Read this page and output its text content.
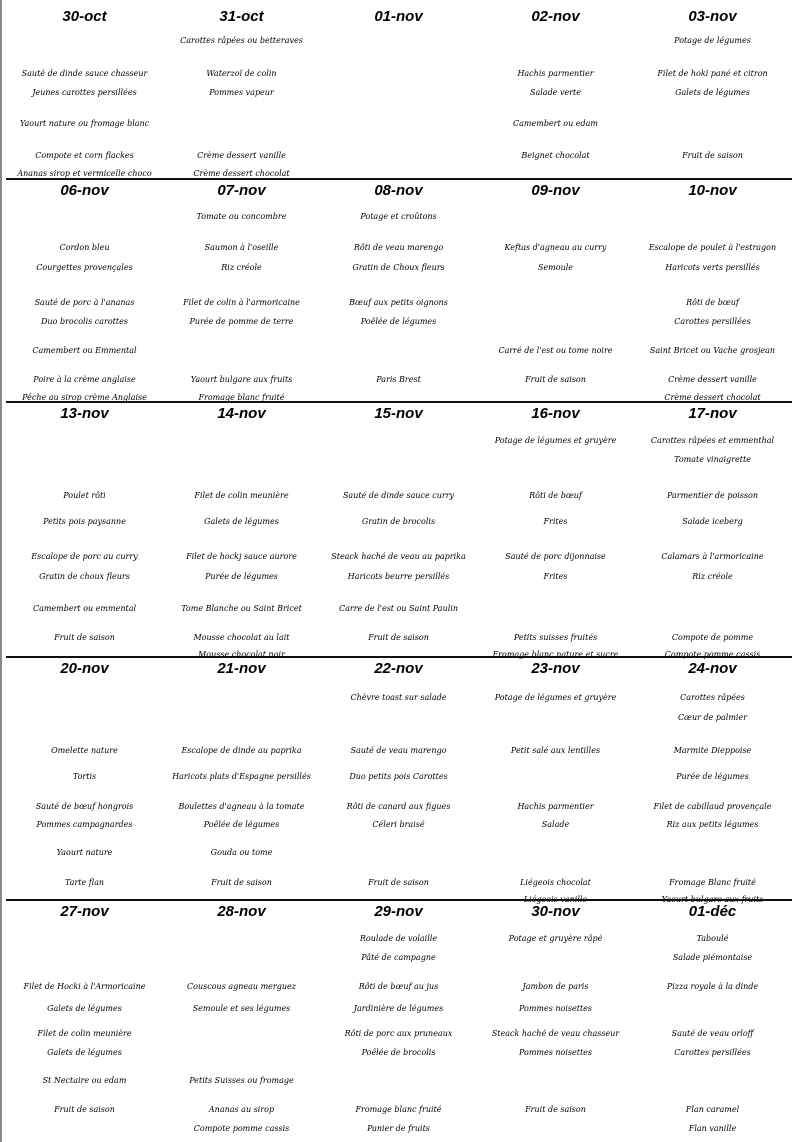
30-oct
Sauté de dinde sauce chasseur
Jeunes carottes persillées
Yaourt nature ou fromage blanc
Compote et corn flackes
Ananas sirop et vermicelle choco
31-oct
Carottes râpées ou betteraves
Waterzoï de colin
Pommes vapeur
Crème dessert vanille
Crème dessert chocolat
01-nov	02-nov
Hachis parmentier
Salade verte
Camembert ou edam
Beignet chocolat
03-nov
Potage de légumes
Filet de hoki pané et citron
Galets de légumes
Fruit de saison
06-nov
Cordon bleu
Courgettes provençales
Sauté de porc à l'ananas
Duo brocolis carottes
Camembert ou Emmental
Poire à la crème anglaise
Pêche au sirop crème Anglaise
07-nov
Tomate ou concombre
Saumon à l'oseille
Riz créole
Filet de colin à l'armoricaine
Purée de pomme de terre
Yaourt bulgare aux fruits
Fromage blanc fruité
08-nov
Potage et croûtons
Rôti de veau marengo
Gratin de Choux fleurs
Bœuf aux petits oignons
Poêlée de légumes
Paris Brest
09-nov
Keftas d'agneau au curry
Semoule
Carré de l'est ou tome noire
Fruit de saison
10-nov
Escalope de poulet à l'estragon
Haricots verts persillés
Rôti de bœuf
Carottes persillées
Saint Bricet ou Vache grosjean
Crème dessert vanille
Crème dessert chocolat
13-nov
Poulet rôti
Petits pois paysanne
Escalope de porc au curry
Gratin de choux fleurs
Camembert ou emmental
Fruit de saison
14-nov
Filet de colin meunière
Galets de légumes
Filet de hockj sauce aurore
Purée de légumes
Tome Blanche ou Saint Bricet
Mousse chocolat au lait
Mousse chocolat noir
15-nov
Sauté de dinde sauce curry
Gratin de brocolis
Steack haché de veau au paprika
Haricots beurre persillés
Carre de l'est ou Saint Paulin
Fruit de saison
16-nov
Potage de légumes et gruyère
Rôti de bœuf
Frites
Sauté de porc dijonnaise
Frites
Petits suisses fruités
Fromage blanc nature et sucre
17-nov
Carottes râpées et emmenthal
Tomate vinaigrette
Parmentier de poisson
Salade iceberg
Calamars à l'armoricaine
Riz créole
Compote de pomme
Compote pomme cassis
20-nov
Omelette nature
Tortis
Sauté de bœuf hongrois
Pommes campagnardes
Yaourt nature
Tarte flan
21-nov
Escalope de dinde au paprika
Haricots plats d'Espagne persillés
Boulettes d'agneau à la tomate
Poêlée de légumes
Gouda ou tome
Fruit de saison
22-nov
Chèvre toast sur salade
Sauté de veau marengo
Duo petits pois Carottes
Rôti de canard aux figues
Céleri braisé
Fruit de saison
23-nov
Potage de légumes et gruyère
Petit salé aux lentilles
Hachis parmentier
Salade
Liégeois chocolat
Liégeois vanille
24-nov
Carottes râpées
Cœur de palmier
Marmite Dieppoise
Purée de légumes
Filet de cabillaud provençale
Riz aux petits légumes
Fromage Blanc fruité
Yaourt bulgare aux fruits
27-nov
Filet de Hocki à l'Armoricaine
Galets de légumes
Filet de colin meunière
Galets de légumes
St Nectaire ou edam
Fruit de saison
28-nov
Couscous agneau merguez
Semoule et ses légumes
Petits Suisses ou fromage
Ananas au sirop
Compote pomme cassis
29-nov
Roulade de volaille
Pâté de campagne
Rôti de bœuf au jus
Jardinière de légumes
Rôti de porc aux pruneaux
Poêlée de brocolis
Fromage blanc fruité
Panier de fruits
30-nov
Potage et gruyère râpé
Jambon de paris
Pommes noisettes
Steack haché de veau chasseur
Pommes noisettes
Fruit de saison
01-déc
Taboulé
Salade piémontaise
Pizza royale à la dinde
Sauté de veau orloff
Carottes persillées
Flan caramel
Flan vanille
